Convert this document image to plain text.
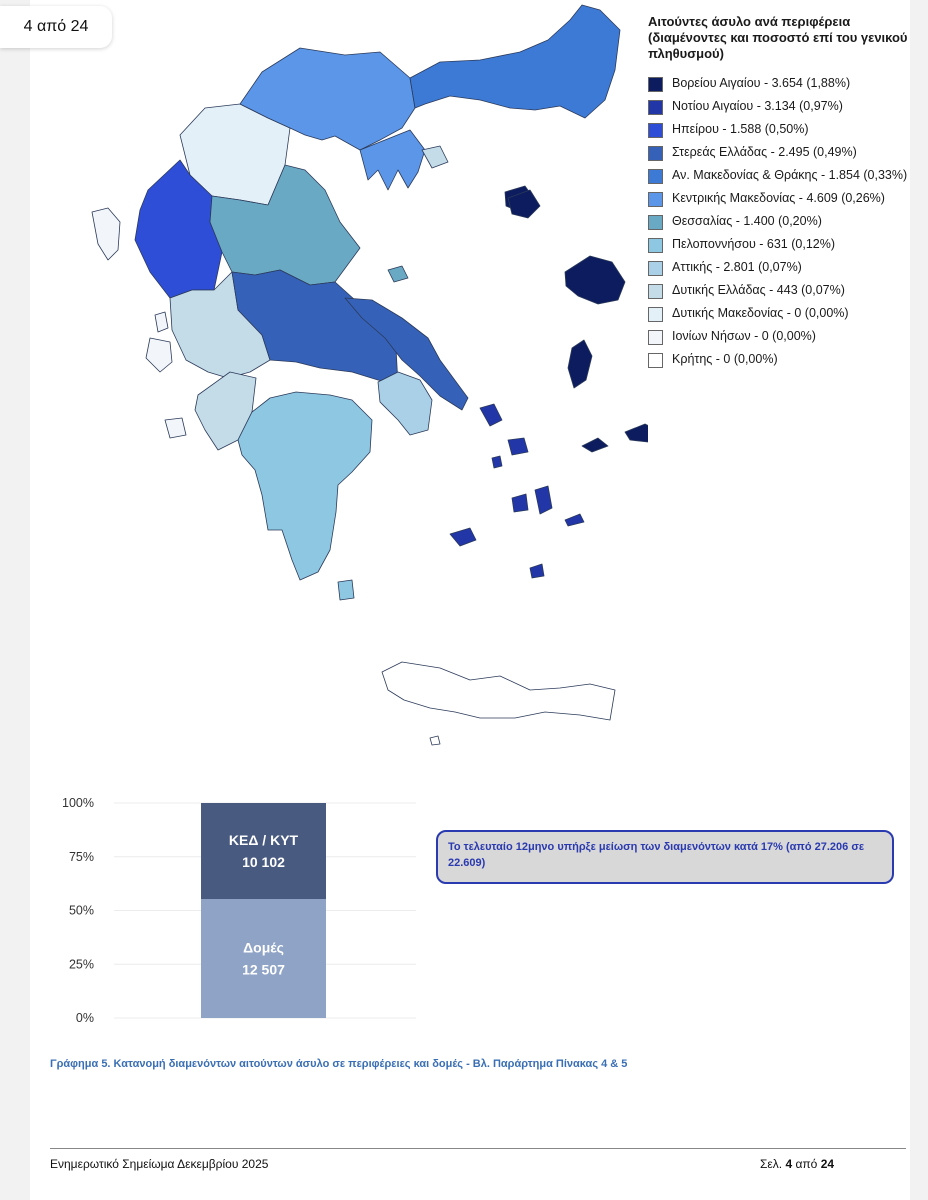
4 από 24	Αιτούντες άσυλο ανά περιφέρεια (διαμένοντες και ποσοστό επί του γενικού πληθυσμού)
Βορείου Αιγαίου - 3.654 (1,88%)
Νοτίου Αιγαίου - 3.134 (0,97%)
Ηπείρου - 1.588 (0,50%)
Στερεάς Ελλάδας - 2.495 (0,49%)
Αν. Μακεδονίας & Θράκης - 1.854 (0,33%)
Κεντρικής Μακεδονίας - 4.609 (0,26%)
Θεσσαλίας - 1.400 (0,20%)
Πελοποννήσου - 631 (0,12%)
Αττικής - 2.801 (0,07%)
Δυτικής Ελλάδας - 443 (0,07%)
Δυτικής Μακεδονίας - 0 (0,00%)
Ιονίων Νήσων - 0 (0,00%)
Κρήτης - 0 (0,00%)
0%
25%
50%
75%
100%
Δομές
12 507
ΚΕΔ / ΚΥΤ
10 102
Το τελευταίο 12μηνο υπήρξε μείωση των διαμενόντων κατά 17% (από 27.206 σε 22.609)
Γράφημα 5. Κατανομή διαμενόντων αιτούντων άσυλο σε περιφέρειες και δομές - Βλ. Παράρτημα Πίνακας 4 & 5
Ενημερωτικό Σημείωμα Δεκεμβρίου 2025	Σελ. 4 από 24
